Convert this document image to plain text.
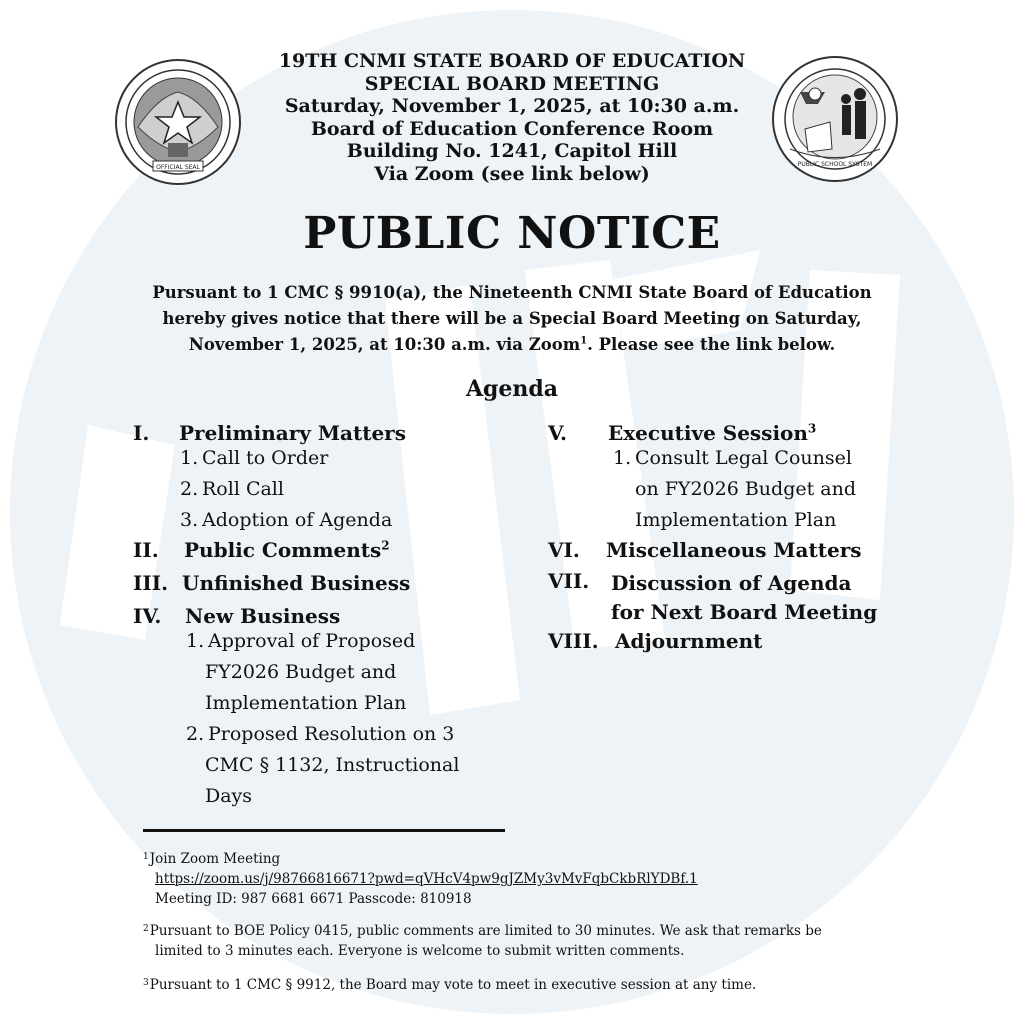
OFFICIAL SEAL	PUBLIC SCHOOL SYSTEM
19TH CNMI STATE BOARD OF EDUCATION
SPECIAL BOARD MEETING
Saturday, November 1, 2025, at 10:30 a.m.
Board of Education Conference Room
Building No. 1241, Capitol Hill
Via Zoom (see link below)
PUBLIC NOTICE
Pursuant to 1 CMC § 9910(a), the Nineteenth CNMI State Board of Education
hereby gives notice that there will be a Special Board Meeting on Saturday,
November 1, 2025, at 10:30 a.m. via Zoom$^1$. Please see the link below.
Agenda
I. Preliminary Matters
1. Call to Order
2. Roll Call
3. Adoption of Agenda
II. Public Comments$^2$
III. Unfinished Business
IV. New Business
1. Approval of Proposed
FY2026 Budget and
Implementation Plan
2. Proposed Resolution on 3
CMC § 1132, Instructional
Days
V. Executive Session$^3$
1. Consult Legal Counsel
on FY2026 Budget and
Implementation Plan
VI. Miscellaneous Matters
VII. Discussion of Agenda
for Next Board Meeting
VIII. Adjournment
$^1$Join Zoom Meeting
https://zoom.us/j/98766816671?pwd=qVHcV4pw9gJZMy3vMvFqbCkbRlYDBf.1
Meeting ID: 987 6681 6671 Passcode: 810918
$^2$Pursuant to BOE Policy 0415, public comments are limited to 30 minutes. We ask that remarks be
limited to 3 minutes each. Everyone is welcome to submit written comments.
$^3$Pursuant to 1 CMC § 9912, the Board may vote to meet in executive session at any time.
